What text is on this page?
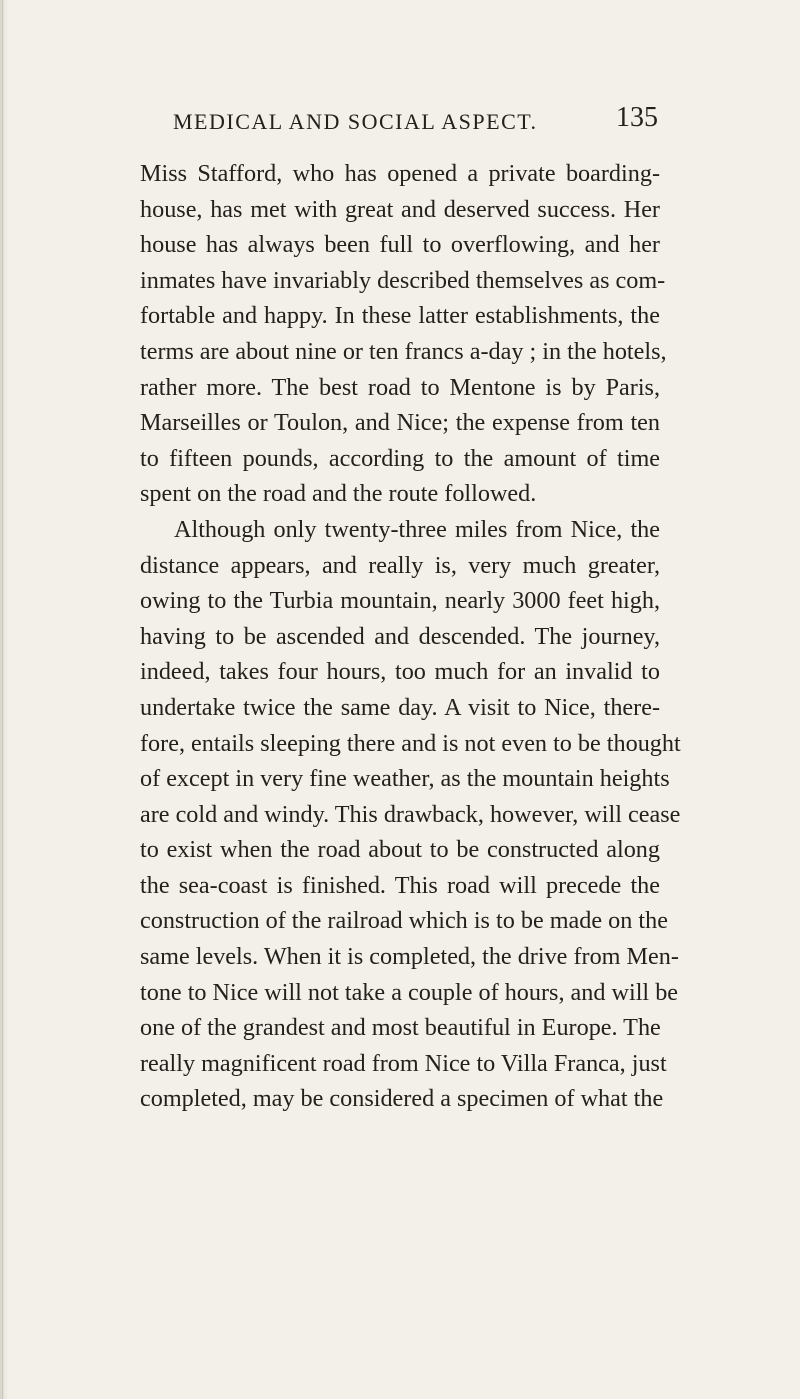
MEDICAL AND SOCIAL ASPECT.	135
Miss Stafford, who has opened a private boarding-
house, has met with great and deserved success. Her
house has always been full to overflowing, and her
inmates have invariably described themselves as com-
fortable and happy. In these latter establishments, the
terms are about nine or ten francs a-day ; in the hotels,
rather more. The best road to Mentone is by Paris,
Marseilles or Toulon, and Nice; the expense from ten
to fifteen pounds, according to the amount of time
spent on the road and the route followed.
Although only twenty-three miles from Nice, the
distance appears, and really is, very much greater,
owing to the Turbia mountain, nearly 3000 feet high,
having to be ascended and descended. The journey,
indeed, takes four hours, too much for an invalid to
undertake twice the same day. A visit to Nice, there-
fore, entails sleeping there and is not even to be thought
of except in very fine weather, as the mountain heights
are cold and windy. This drawback, however, will cease
to exist when the road about to be constructed along
the sea-coast is finished. This road will precede the
construction of the railroad which is to be made on the
same levels. When it is completed, the drive from Men-
tone to Nice will not take a couple of hours, and will be
one of the grandest and most beautiful in Europe. The
really magnificent road from Nice to Villa Franca, just
completed, may be considered a specimen of what the
